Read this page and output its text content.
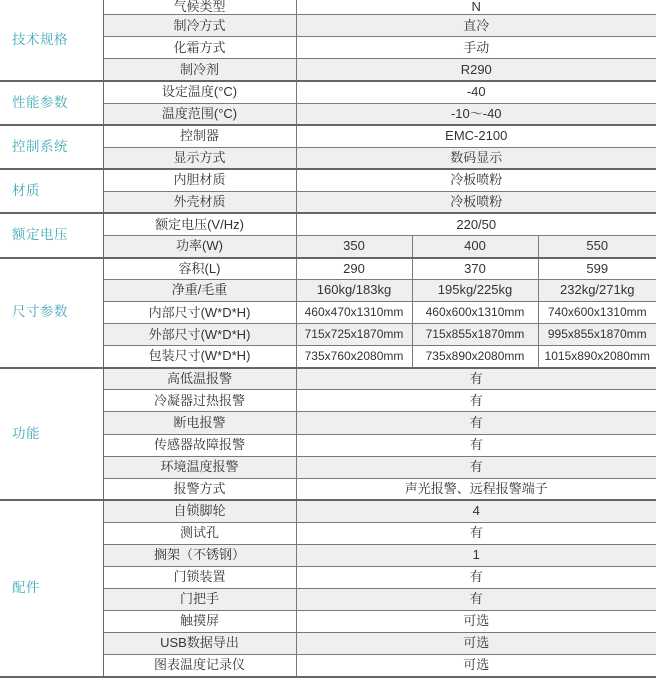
技术规格	气候类型	N		
	制冷方式	直冷		
	化霜方式	手动		
	制冷剂	R290		
性能参数	设定温度(°C)	-40		
	温度范围(°C)	-10～-40		
控制系统	控制器	EMC-2100		
	显示方式	数码显示		
材质	内胆材质	冷板喷粉		
	外壳材质	冷板喷粉		
额定电压	额定电压(V/Hz)	220/50		
	功率(W)	350	400	550
尺寸参数	容积(L)	290	370	599
	净重/毛重	160kg/183kg	195kg/225kg	232kg/271kg
	内部尺寸(W*D*H)	460x470x1310mm	460x600x1310mm	740x600x1310mm
	外部尺寸(W*D*H)	715x725x1870mm	715x855x1870mm	995x855x1870mm
	包装尺寸(W*D*H)	735x760x2080mm	735x890x2080mm	1015x890x2080mm
功能	高低温报警	有		
	冷凝器过热报警	有		
	断电报警	有		
	传感器故障报警	有		
	环境温度报警	有		
	报警方式	声光报警、远程报警端子		
配件	自锁脚轮	4		
	测试孔	有		
	搁架（不锈钢）	1		
	门锁装置	有		
	门把手	有		
	触摸屏	可选		
	USB数据导出	可选		
	图表温度记录仪	可选		
